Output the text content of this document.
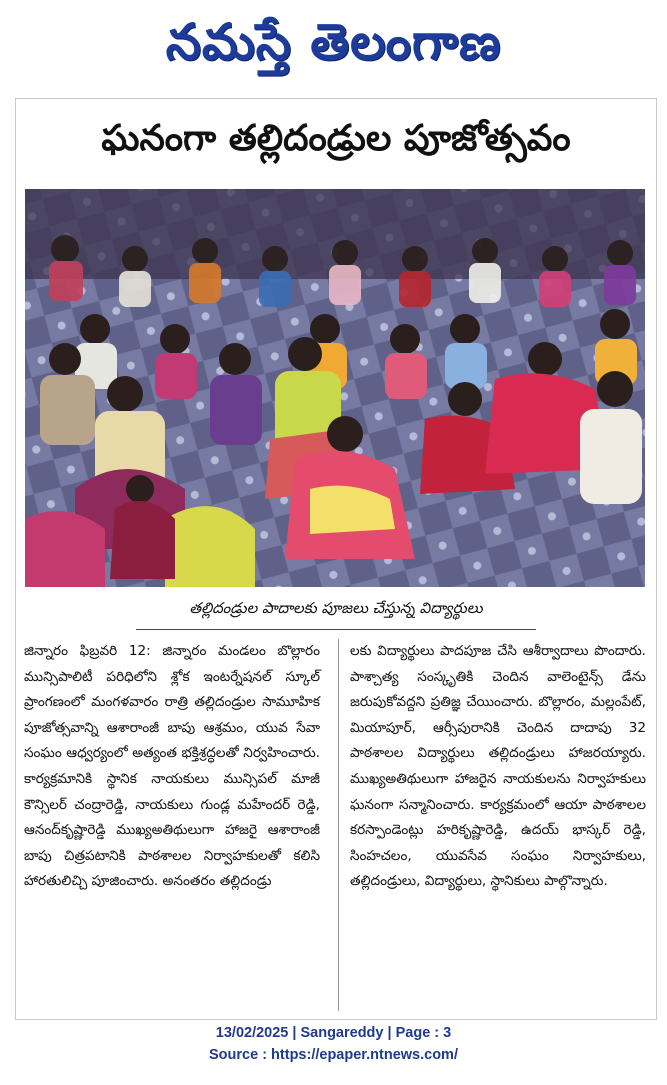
నమస్తే తెలంగాణ
ఘనంగా తల్లిదండ్రుల పూజోత్సవం
తల్లిదండ్రుల పాదాలకు పూజలు చేస్తున్న విద్యార్థులు
జిన్నారం ఫిబ్రవరి 12: జిన్నారం మండలం బొల్లారం మున్సిపాలిటీ పరిధిలోని శ్లోక ఇంటర్నేషనల్ స్కూల్ ప్రాంగణంలో మంగళవారం రాత్రి తల్లిదండ్రుల సామూహిక పూజోత్సవాన్ని ఆశారాంజీ బాపు ఆశ్రమం, యువ సేవా సంఘం ఆధ్వర్యంలో అత్యంత భక్తిశ్రద్ధలతో నిర్వహించారు. కార్యక్రమానికి స్థానిక నాయకులు మున్సిపల్ మాజీ కౌన్సిలర్ చంద్రారెడ్డి, నాయకులు గుండ్ల మహేందర్ రెడ్డి, ఆనంద్‌కృష్ణారెడ్డి ముఖ్యఅతిథులుగా హాజరై ఆశారాంజీ బాపు చిత్రపటానికి పాఠశాలల నిర్వాహకులతో కలిసి హారతులిచ్చి పూజించారు. అనంతరం తల్లిదండ్రు
లకు విద్యార్థులు పాదపూజ చేసి ఆశీర్వాదాలు పొందారు. పాశ్చాత్య సంస్కృతికి చెందిన వాలెంటైన్స్ డేను జరుపుకోవద్దని ప్రతిజ్ఞ చేయించారు. బొల్లారం, మల్లంపేట్, మియాపూర్, ఆర్సీపురానికి చెందిన దాదాపు 32 పాఠశాలల విద్యార్థులు తల్లిదండ్రులు హాజరయ్యారు. ముఖ్యఅతిథులుగా హాజరైన నాయకులను నిర్వాహకులు ఘనంగా సన్మానించారు. కార్యక్రమంలో ఆయా పాఠశాలల కరస్పాండెంట్లు హరికృష్ణారెడ్డి, ఉదయ్ భాస్కర్ రెడ్డి, సింహచలం, యువసేవ సంఘం నిర్వాహకులు, తల్లిదండ్రులు, విద్యార్థులు, స్థానికులు పాల్గొన్నారు.
13/02/2025 | Sangareddy | Page : 3
Source : https://epaper.ntnews.com/
